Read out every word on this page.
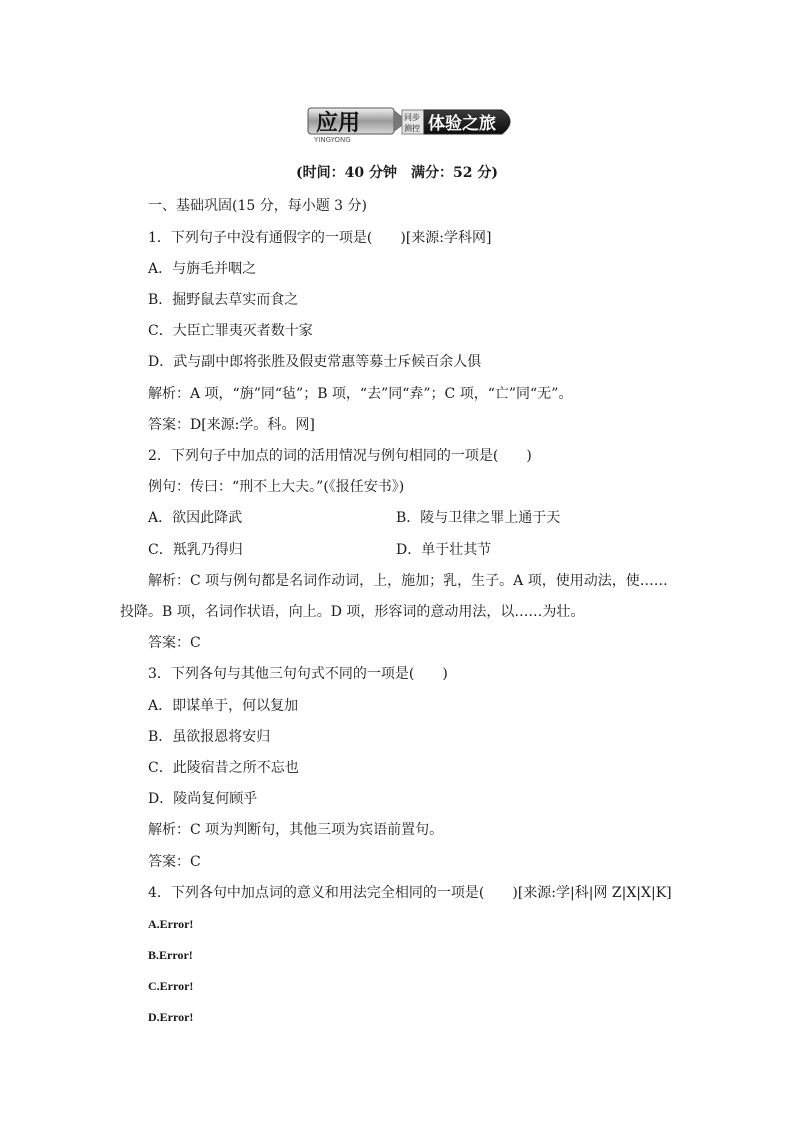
应用
YINGYONG
同步
测控 体验之旅
(时间：40 分钟　满分：52 分)
一、基础巩固(15 分，每小题 3 分)
1．下列句子中没有通假字的一项是(　　)[来源:学科网]
A．与旃毛并咽之
B．掘野鼠去草实而食之
C．大臣亡罪夷灭者数十家
D．武与副中郎将张胜及假吏常惠等募士斥候百余人俱
解析：A 项，“旃”同“毡”；B 项，“去”同“弆”；C 项，“亡”同“无”。
答案：D[来源:学。科。网]
2．下列句子中加点的词的活用情况与例句相同的一项是(　　)
例句：传曰：“刑不上大夫。”(《报任安书》)
A．欲因此降武	B．陵与卫律之罪上通于天
C．羝乳乃得归	D．单于壮其节
解析：C 项与例句都是名词作动词，上，施加；乳，生子。A 项，使用动法，使……
投降。B 项，名词作状语，向上。D 项，形容词的意动用法，以……为壮。
答案：C
3．下列各句与其他三句句式不同的一项是(　　)
A．即谋单于，何以复加
B．虽欲报恩将安归
C．此陵宿昔之所不忘也
D．陵尚复何顾乎
解析：C 项为判断句，其他三项为宾语前置句。
答案：C
4．下列各句中加点词的意义和用法完全相同的一项是(　　)[来源:学|科|网 Z|X|X|K]
A.Error!
B.Error!
C.Error!
D.Error!
